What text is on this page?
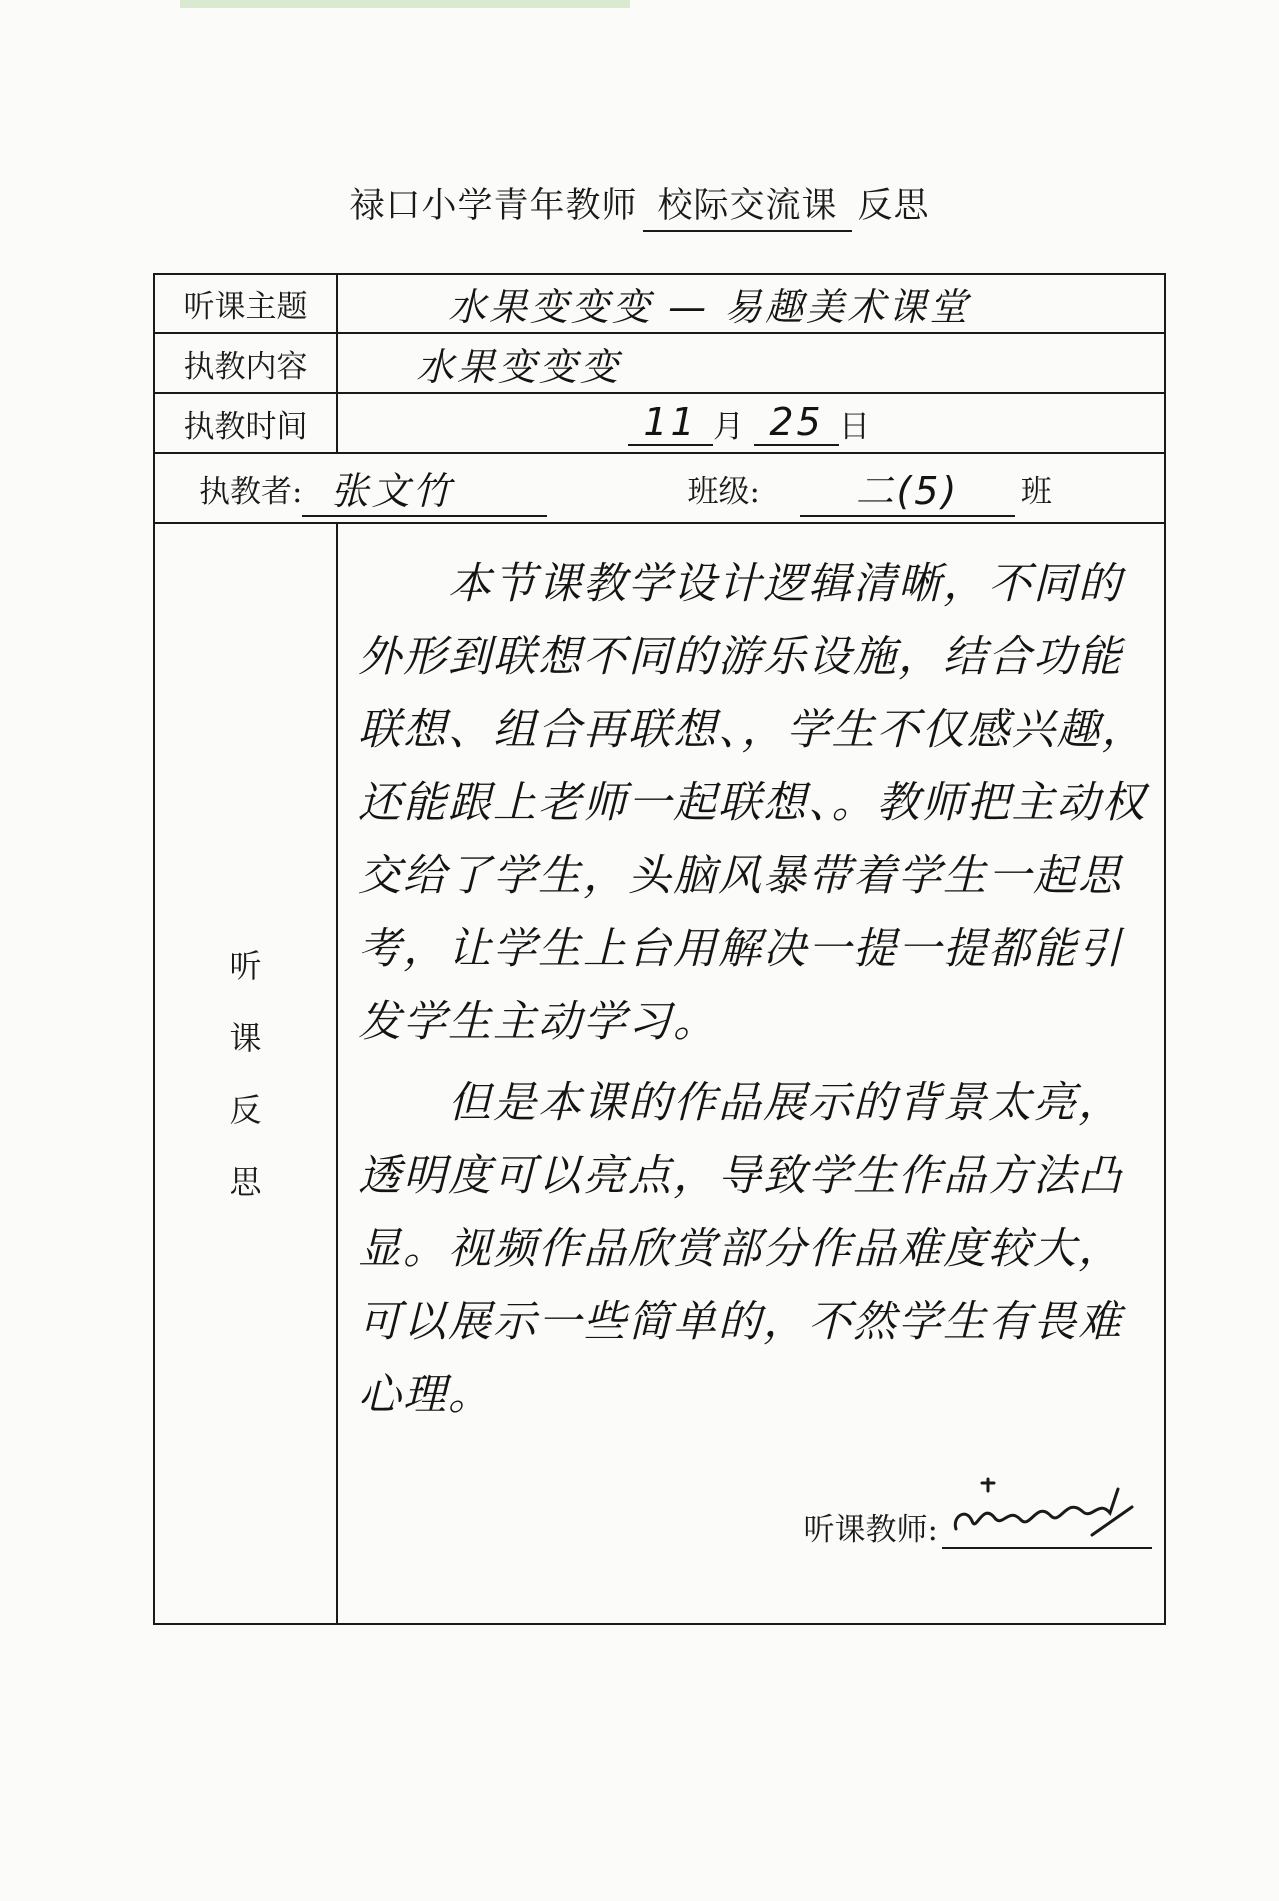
禄口小学青年教师 校际交流课 反思
听课主题	水果变变变 — 易趣美术课堂
执教内容	水果变变变
执教时间	11 月 25 日
执教者: 张文竹	班级:	二(5)	班
听
课
反
思

本节课教学设计逻辑清晰，不同的外形到联想不同的游乐设施，结合功能联想、组合再联想、，学生不仅感兴趣，还能跟上老师一起联想、。教师把主动权交给了学生，头脑风暴带着学生一起思考，让学生上台用解决一提一提都能引发学生主动学习。

但是本课的作品展示的背景太亮，透明度可以亮点，导致学生作品方法凸显。视频作品欣赏部分作品难度较大，可以展示一些简单的，不然学生有畏难心理。

听课教师:
